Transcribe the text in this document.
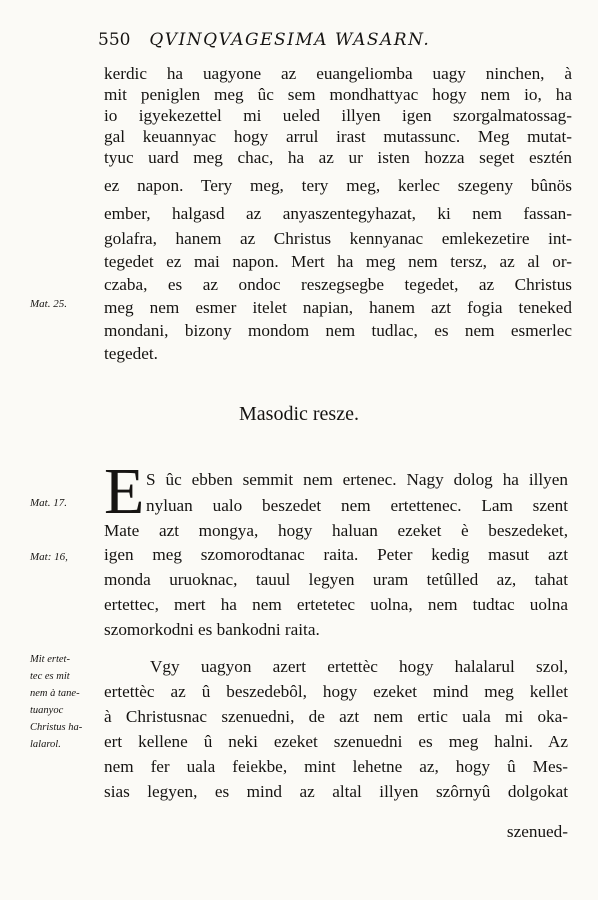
550 QVINQVAGESIMA WASARN.
kerdic ha uagyone az euangeliomba uagy ninchen, à
mit peniglen meg ûc sem mondhattyac hogy nem io, ha
io igyekezettel mi ueled illyen igen szorgalmatossag-
gal keuannyac hogy arrul irast mutassunc. Meg mutat-
tyuc uard meg chac, ha az ur isten hozza seget esztén
ez napon. Tery meg, tery meg, kerlec szegeny bûnös
ember, halgasd az anyaszentegyhazat, ki nem fassan-
golafra, hanem az Christus kennyanac emlekezetire int-
tegedet ez mai napon. Mert ha meg nem tersz, az al or-
czaba, es az ondoc reszegsegbe tegedet, az Christus
meg nem esmer itelet napian, hanem azt fogia teneked
mondani, bizony mondom nem tudlac, es nem esmerlec
tegedet.
Mat. 25.
Masodic resze.
E S ûc ebben semmit nem ertenec. Nagy dolog ha illyen
nyluan ualo beszedet nem ertettenec. Lam szent
Mate azt mongya, hogy haluan ezeket è beszedeket,
igen meg szomorodtanac raita. Peter kedig masut azt
monda uruoknac, tauul legyen uram tetûlled az, tahat
ertettec, mert ha nem ertetetec uolna, nem tudtac uolna
szomorkodni es bankodni raita.
Mat. 17.
Mat: 16,
Mit ertet-
tec es mit
nem à tane-
tuanyoc
Christus ha-
lalarol.
Vgy uagyon azert ertettèc hogy halalarul szol,
ertettèc az û beszedebôl, hogy ezeket mind meg kellet
à Christusnac szenuedni, de azt nem ertic uala mi oka-
ert kellene û neki ezeket szenuedni es meg halni. Az
nem fer uala feiekbe, mint lehetne az, hogy û Mes-
sias legyen, es mind az altal illyen szôrnyû dolgokat
szenued-
